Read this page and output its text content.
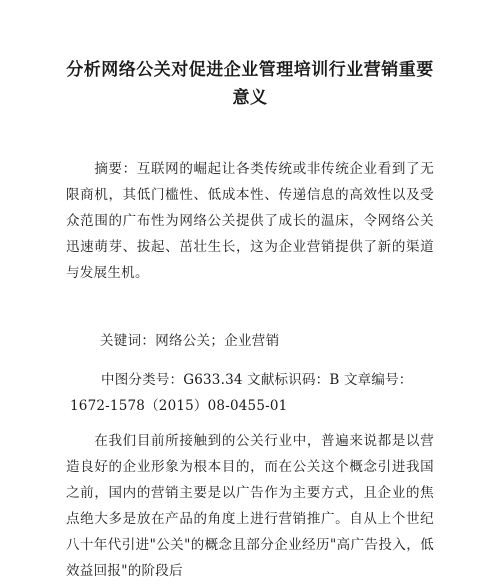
分析网络公关对促进企业管理培训行业营销重要意义
摘要：互联网的崛起让各类传统或非传统企业看到了无限商机，其低门槛性、低成本性、传递信息的高效性以及受众范围的广布性为网络公关提供了成长的温床，令网络公关迅速萌芽、拔起、茁壮生长，这为企业营销提供了新的渠道与发展生机。
关键词：网络公关；企业营销
中图分类号：G633.34 文献标识码：B 文章编号：1672-1578（2015）08-0455-01
在我们目前所接触到的公关行业中，普遍来说都是以营造良好的企业形象为根本目的，而在公关这个概念引进我国之前，国内的营销主要是以广告作为主要方式，且企业的焦点绝大多是放在产品的角度上进行营销推广。自从上个世纪八十年代引进"公关"的概念且部分企业经历"高广告投入，低效益回报"的阶段后
